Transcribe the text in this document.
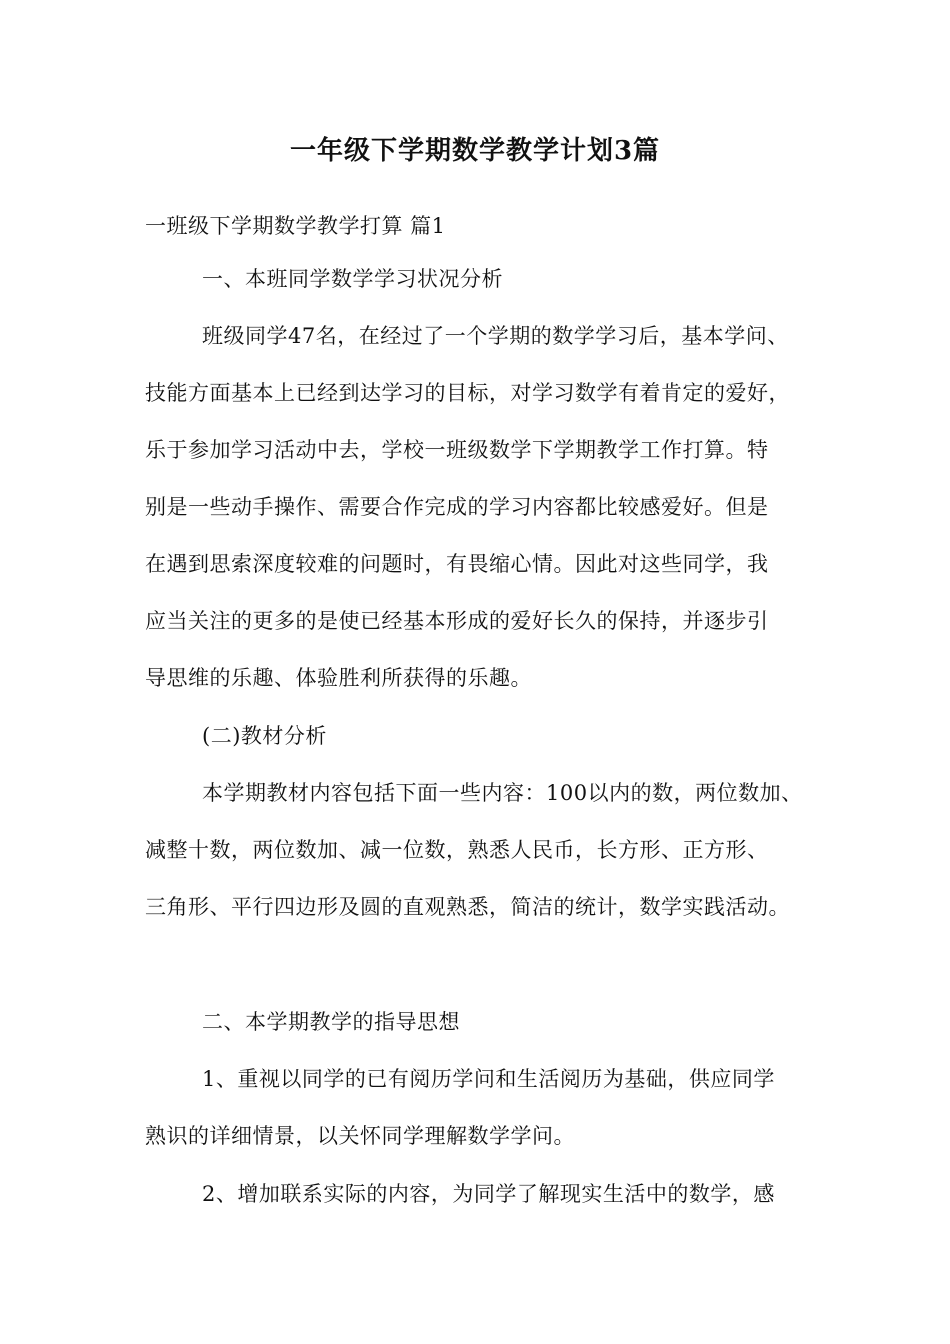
一年级下学期数学教学计划3篇
一班级下学期数学教学打算 篇1
一、本班同学数学学习状况分析
班级同学47名，在经过了一个学期的数学学习后，基本学问、
技能方面基本上已经到达学习的目标，对学习数学有着肯定的爱好，
乐于参加学习活动中去，学校一班级数学下学期教学工作打算。特
别是一些动手操作、需要合作完成的学习内容都比较感爱好。但是
在遇到思索深度较难的问题时，有畏缩心情。因此对这些同学，我
应当关注的更多的是使已经基本形成的爱好长久的保持，并逐步引
导思维的乐趣、体验胜利所获得的乐趣。
(二)教材分析
本学期教材内容包括下面一些内容：100以内的数，两位数加、
减整十数，两位数加、减一位数，熟悉人民币，长方形、正方形、
三角形、平行四边形及圆的直观熟悉，简洁的统计，数学实践活动。
二、本学期教学的指导思想
1、重视以同学的已有阅历学问和生活阅历为基础，供应同学
熟识的详细情景，以关怀同学理解数学学问。
2、增加联系实际的内容，为同学了解现实生活中的数学，感
